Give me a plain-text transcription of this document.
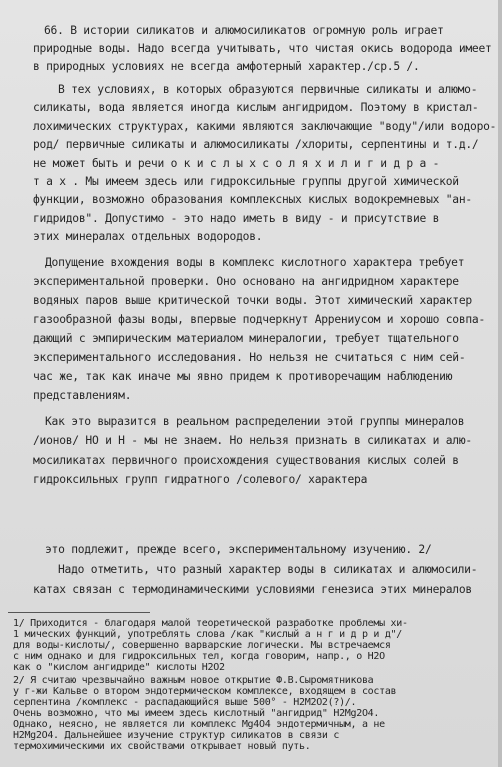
66. В истории силикатов и алюмосиликатов огромную роль играет
природные воды. Надо всегда учитывать, что чистая окись водорода имеет
в природных условиях не всегда амфотерный характер./ср.5 /.
В тех условиях, в которых образуются первичные силикаты и алюмо-
силикаты, вода является иногда кислым ангидридом. Поэтому в кристал-
лохимических структурах, какими являются заключающие "воду"/или водоро-
род/ первичные силикаты и алюмосиликаты /хлориты, серпентины и т.д./
не может быть и речи о к и с л ы х с о л я х и л и г и д р а -
т а х . Мы имеем здесь или гидроксильные группы другой химической
функции, возможно образования комплексных кислых водокремневых "ан-
гидридов". Допустимо - это надо иметь в виду - и присутствие в
этих минералах отдельных водородов.
Допущение вхождения воды в комплекс кислотного характера требует
экспериментальной проверки. Оно основано на ангидридном характере
водяных паров выше критической точки воды. Этот химический характер
газообразной фазы воды, впервые подчеркнут Аррениусом и хорошо совпа-
дающий с эмпирическим материалом минералогии, требует тщательного
экспериментального исследования. Но нельзя не считаться с ним сей-
час же, так как иначе мы явно придем к противоречащим наблюдению
представлениям.
Как это выразится в реальном распределении этой группы минералов
/ионов/ НО и Н - мы не знаем. Но нельзя признать в силикатах и алю-
мосиликатах первичного происхождения существования кислых солей в
гидроксильных групп гидратного /солевого/ характера
это подлежит, прежде всего, экспериментальному изучению. 2/
Надо отметить, что разный характер воды в силикатах и алюмосили-
катах связан с термодинамическими условиями генезиса этих минералов
1/ Приходится - благодаря малой теоретической разработке проблемы хи-
1 мических функций, употреблять слова /как "кислый а н г и д р и д"/
для воды-кислоты/, совершенно варварские логически. Мы встречаемся
с ним однако и для гидроксильных тел, когда говорим, напр., о H2O
как о "кислом ангидриде" кислоты H2O2
2/ Я считаю чрезвычайно важным новое открытие Ф.В.Сыромятникова
у г-жи Кальве о втором эндотермическом комплексе, входящем в состав
серпентина /комплекс - распадающийся выше 500° - H2M2O2(?)/.
Очень возможно, что мы имеем здесь кислотный "ангидрид" H2Mg2O4.
Однако, неясно, не является ли комплекс Mg4O4 эндотермичным, а не
H2Mg2O4. Дальнейшее изучение структур силикатов в связи с
термохимическими их свойствами открывает новый путь.
